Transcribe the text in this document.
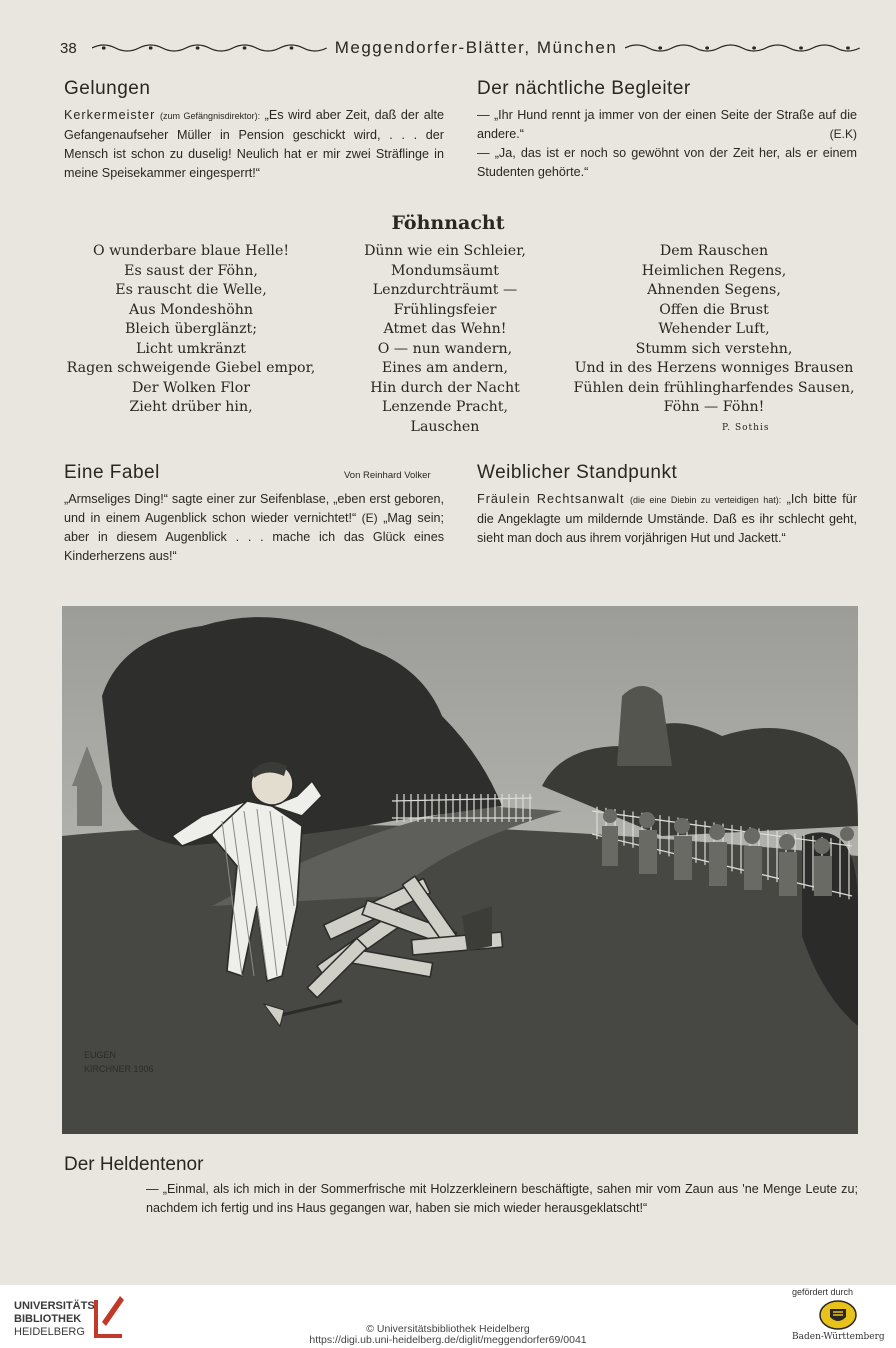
38	Meggendorfer-Blätter, München
Gelungen

Kerkermeister (zum Gefängnisdirektor): „Es wird aber Zeit, daß der alte Gefangenaufseher Müller in Pension geschickt wird, . . . der Mensch ist schon zu duselig! Neulich hat er mir zwei Sträflinge in meine Speisekammer eingesperrt!“

Der nächtliche Begleiter

— „Ihr Hund rennt ja immer von der einen Seite der Straße auf die andere.“	(E.K)

— „Ja, das ist er noch so gewöhnt von der Zeit her, als er einem Studenten gehörte.“

Föhnnacht
O wunderbare blaue Helle!
Es saust der Föhn,
Es rauscht die Welle,
Aus Mondeshöhn
Bleich überglänzt;
Licht umkränzt
Ragen schweigende Giebel empor,
Der Wolken Flor
Zieht drüber hin,
Dünn wie ein Schleier,
Mondumsäumt
Lenzdurchträumt —
Frühlingsfeier
Atmet das Wehn!
O — nun wandern,
Eines am andern,
Hin durch der Nacht
Lenzende Pracht,
Lauschen
Dem Rauschen
Heimlichen Regens,
Ahnenden Segens,
Offen die Brust
Wehender Luft,
Stumm sich verstehn,
Und in des Herzens wonniges Brausen
Fühlen dein frühlingharfendes Sausen,
Föhn — Föhn!
P. Sothis
Eine Fabel

„Armseliges Ding!“ sagte einer zur Seifenblase, „eben erst geboren, und in einem Augenblick schon wieder vernichtet!“ (E) „Mag sein; aber in diesem Augenblick . . . mache ich das Glück eines Kinderherzens aus!“

Von Reinhard Volker Weiblicher Standpunkt

Fräulein Rechtsanwalt (die eine Diebin zu verteidigen hat): „Ich bitte für die Angeklagte um mildernde Umstände. Daß es ihr schlecht geht, sieht man doch aus ihrem vorjährigen Hut und Jackett.“

EUGEN
KIRCHNER 1906
Der Heldentenor

— „Einmal, als ich mich in der Sommerfrische mit Holzzerkleinern beschäftigte, sahen mir vom Zaun aus 'ne Menge Leute zu; nachdem ich fertig und ins Haus gegangen war, haben sie mich wieder herausgeklatscht!“

UNIVERSITÄTS-
BIBLIOTHEK
HEIDELBERG	© Universitätsbibliothek Heidelberg
https://digi.ub.uni-heidelberg.de/diglit/meggendorfer69/0041
gefördert durch
Baden-Württemberg
